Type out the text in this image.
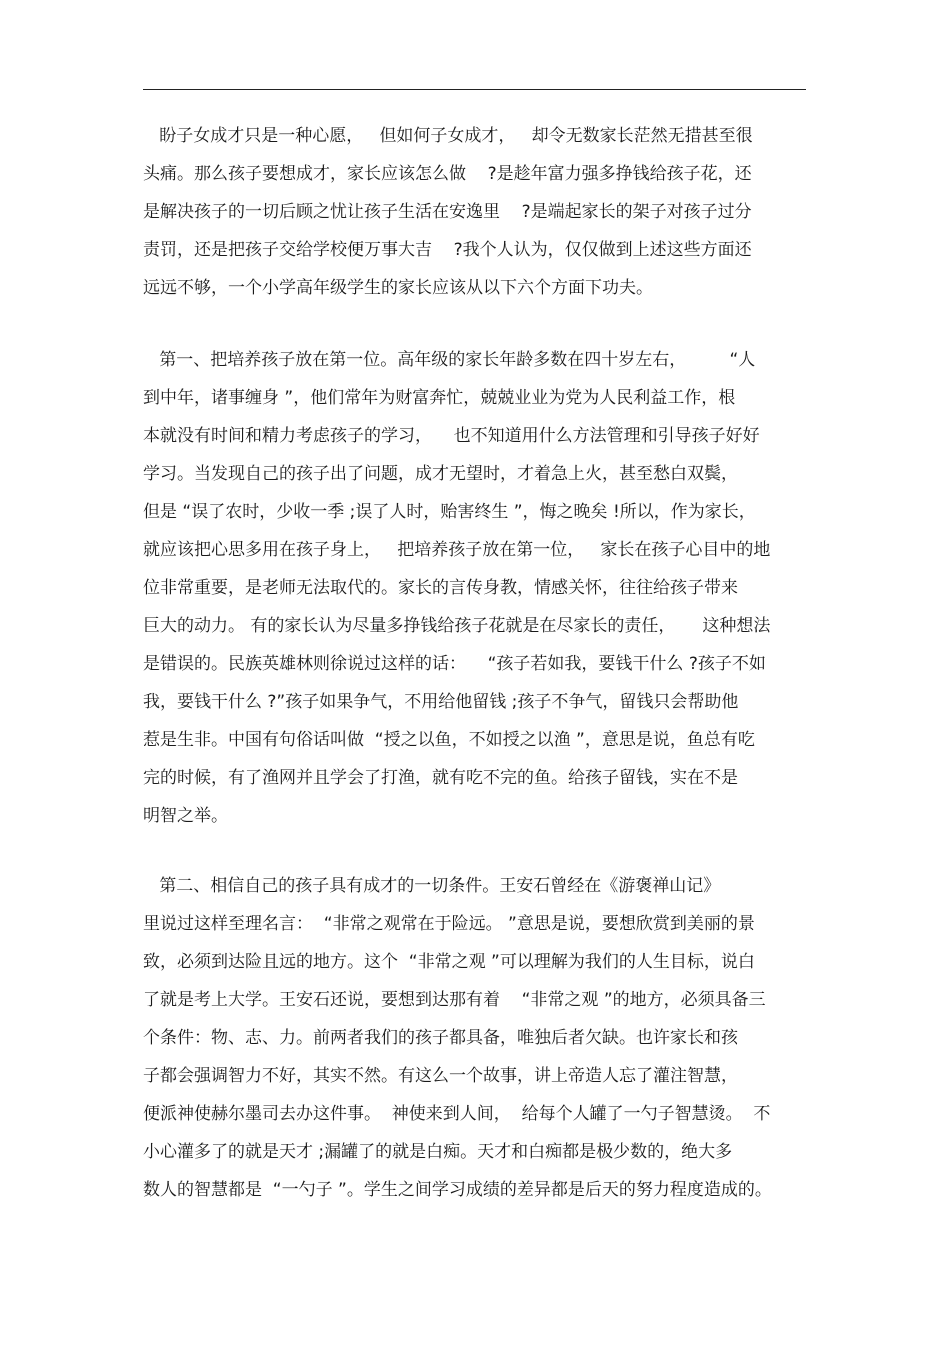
盼子女成才只是一种心愿，   但如何子女成才，   却令无数家长茫然无措甚至很
头痛。那么孩子要想成才，家长应该怎么做    ?是趁年富力强多挣钱给孩子花，还
是解决孩子的一切后顾之忧让孩子生活在安逸里    ?是端起家长的架子对孩子过分
责罚，还是把孩子交给学校便万事大吉    ?我个人认为，仅仅做到上述这些方面还
远远不够，一个小学高年级学生的家长应该从以下六个方面下功夫。
第一、把培养孩子放在第一位。高年级的家长年龄多数在四十岁左右，        “人
到中年，诸事缠身 ”，他们常年为财富奔忙，兢兢业业为党为人民利益工作，根
本就没有时间和精力考虑孩子的学习，    也不知道用什么方法管理和引导孩子好好
学习。当发现自己的孩子出了问题，成才无望时，才着急上火，甚至愁白双鬓，
但是 “误了农时，少收一季 ;误了人时，贻害终生 ”，悔之晚矣 !所以，作为家长，
就应该把心思多用在孩子身上，   把培养孩子放在第一位，   家长在孩子心目中的地
位非常重要，是老师无法取代的。家长的言传身教，情感关怀，往往给孩子带来
巨大的动力。 有的家长认为尽量多挣钱给孩子花就是在尽家长的责任，     这种想法
是错误的。民族英雄林则徐说过这样的话：    “孩子若如我，要钱干什么 ?孩子不如
我，要钱干什么 ?”孩子如果争气，不用给他留钱 ;孩子不争气，留钱只会帮助他
惹是生非。中国有句俗话叫做  “授之以鱼，不如授之以渔 ”，意思是说，鱼总有吃
完的时候，有了渔网并且学会了打渔，就有吃不完的鱼。给孩子留钱，实在不是
明智之举。
第二、相信自己的孩子具有成才的一切条件。王安石曾经在《游褒禅山记》
里说过这样至理名言：  “非常之观常在于险远。 ”意思是说，要想欣赏到美丽的景
致，必须到达险且远的地方。这个  “非常之观 ”可以理解为我们的人生目标，说白
了就是考上大学。王安石还说，要想到达那有着    “非常之观 ”的地方，必须具备三
个条件：物、志、力。前两者我们的孩子都具备，唯独后者欠缺。也许家长和孩
子都会强调智力不好，其实不然。有这么一个故事，讲上帝造人忘了灌注智慧，
便派神使赫尔墨司去办这件事。  神使来到人间，  给每个人罐了一勺子智慧烫。  不
小心灌多了的就是天才 ;漏罐了的就是白痴。天才和白痴都是极少数的，绝大多
数人的智慧都是  “一勺子 ”。学生之间学习成绩的差异都是后天的努力程度造成的。
